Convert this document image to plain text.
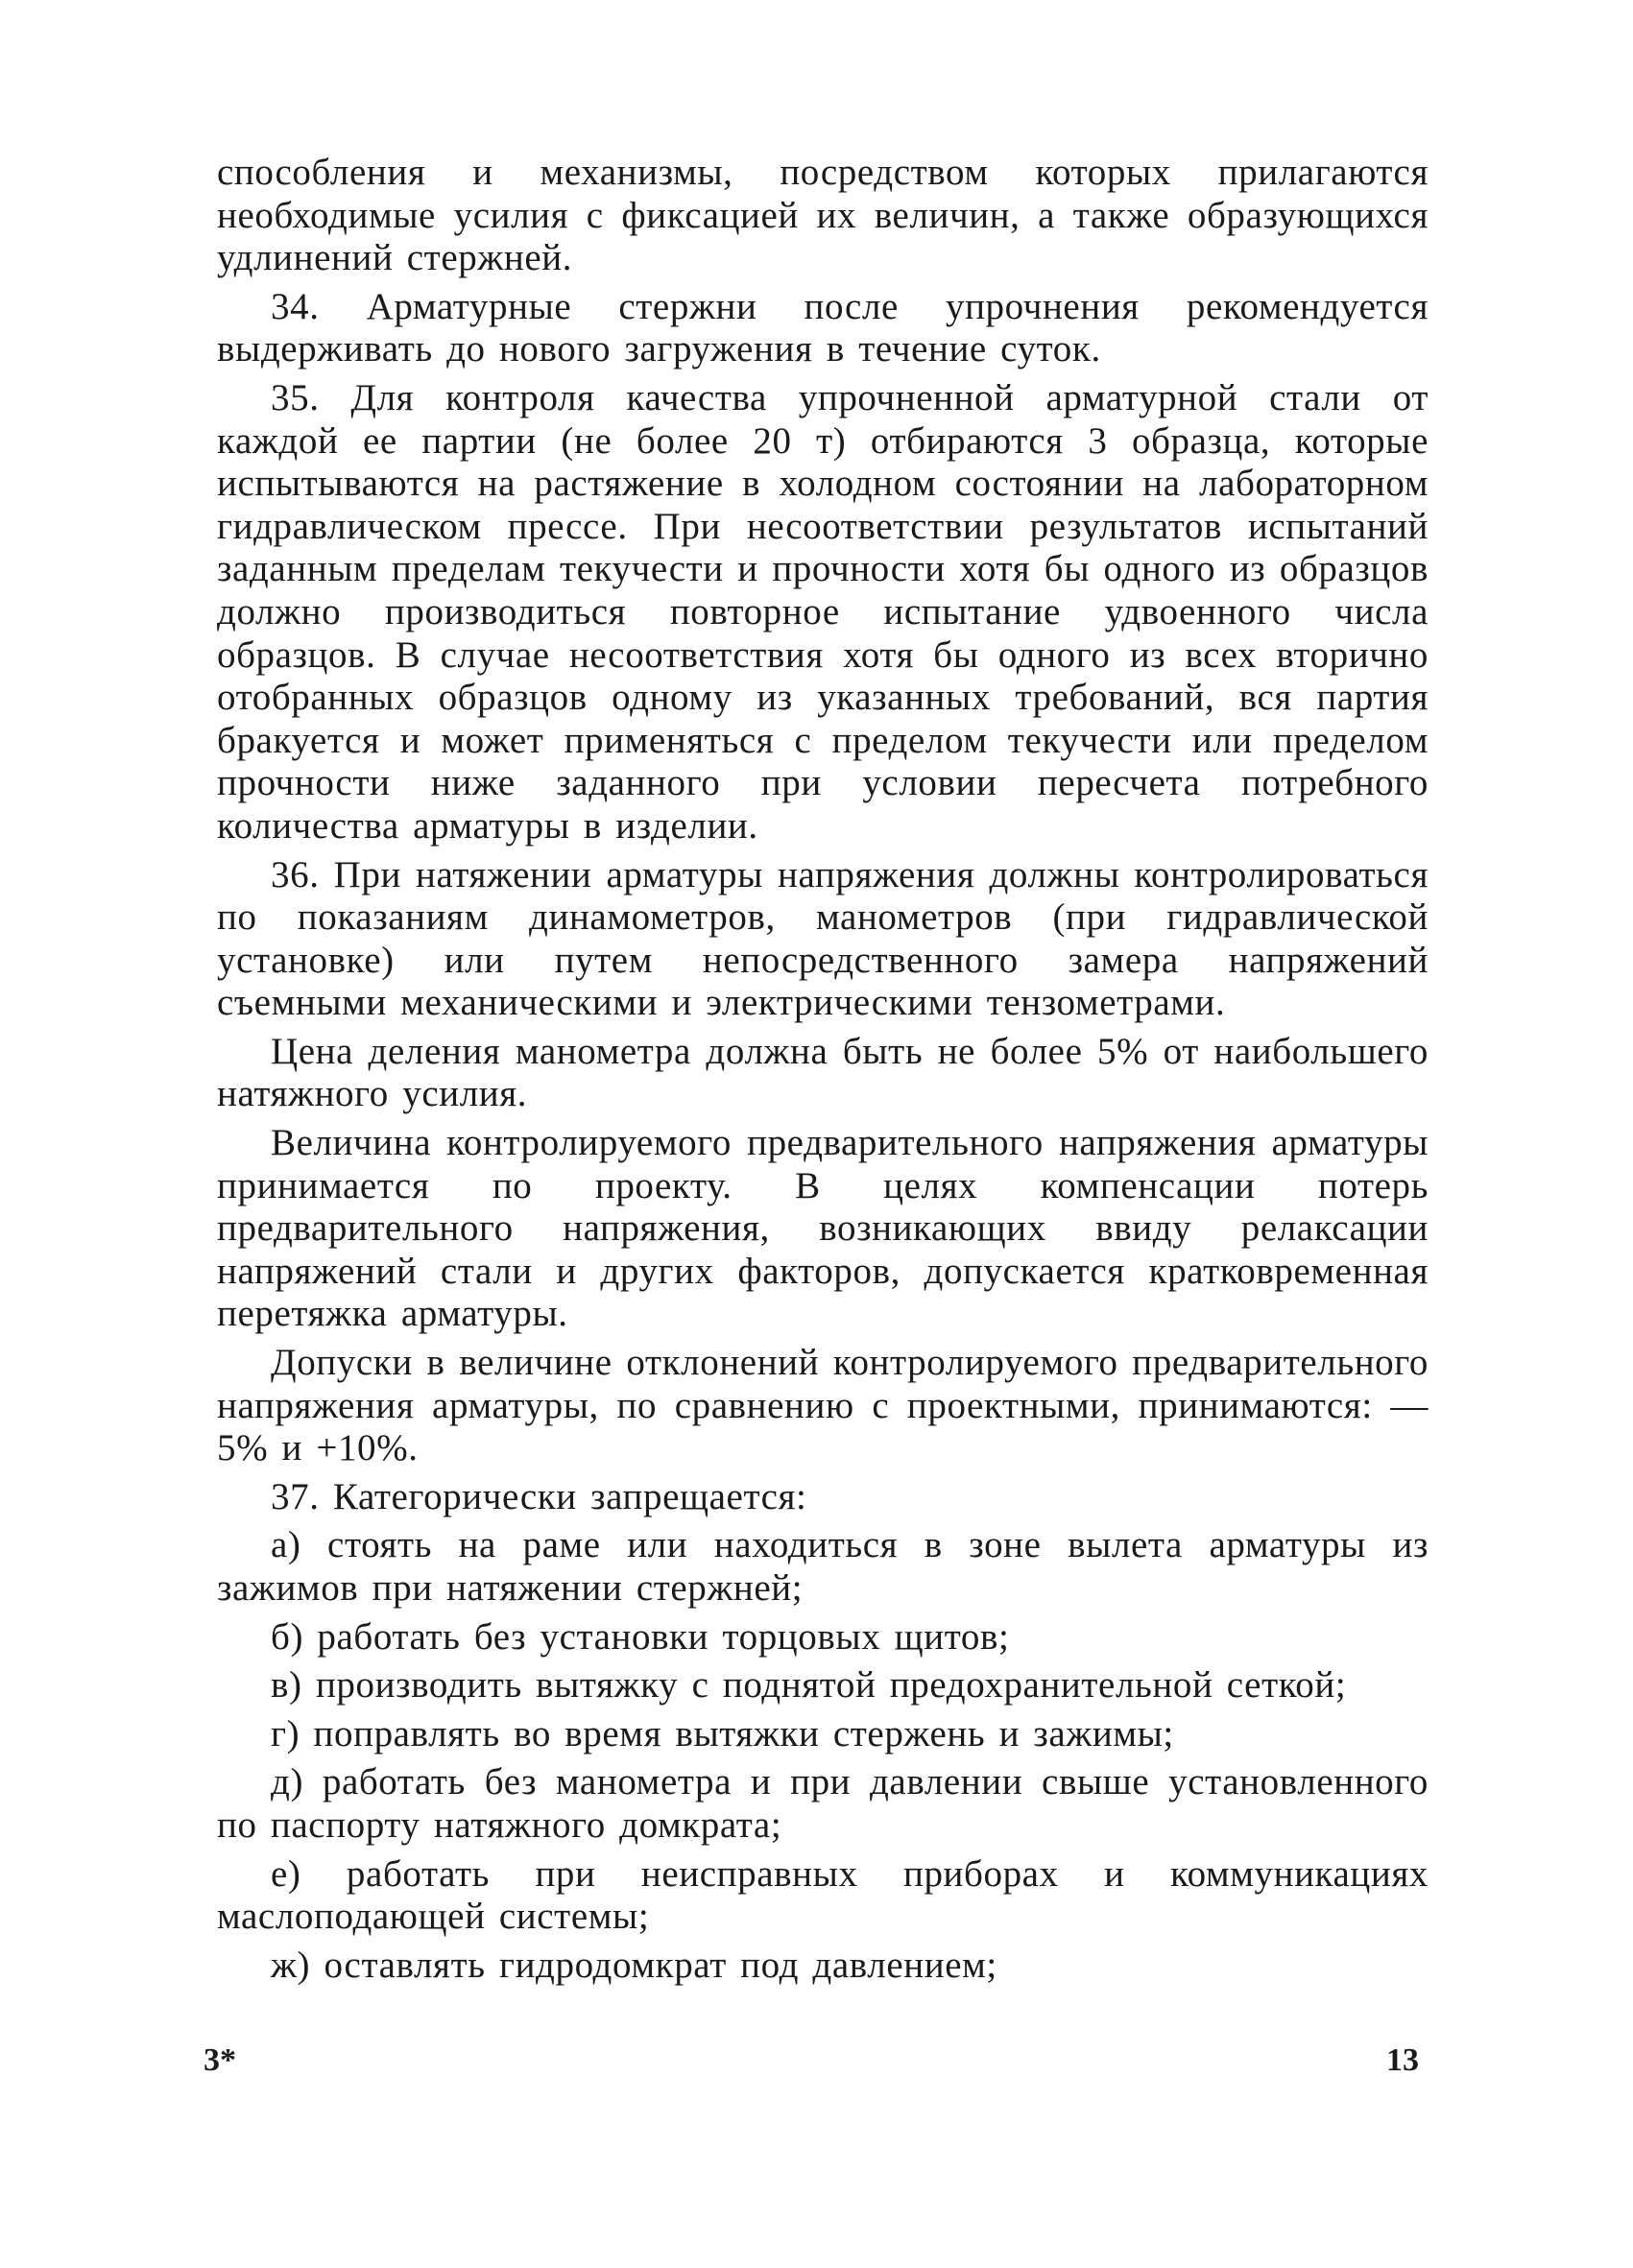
способления и механизмы, посредством которых прилагаются необходимые усилия с фиксацией их величин, а также образующихся удлинений стержней.

34. Арматурные стержни после упрочнения рекомендуется выдерживать до нового загружения в течение суток.

35. Для контроля качества упрочненной арматурной стали от каждой ее партии (не более 20 т) отбираются 3 образца, которые испытываются на растяжение в холодном состоянии на лабораторном гидравлическом прессе. При несоответствии результатов испытаний заданным пределам текучести и прочности хотя бы одного из образцов должно производиться повторное испытание удвоенного числа образцов. В случае несоответствия хотя бы одного из всех вторично отобранных образцов одному из указанных требований, вся партия бракуется и может применяться с пределом текучести или пределом прочности ниже заданного при условии пересчета потребного количества арматуры в изделии.

36. При натяжении арматуры напряжения должны контролироваться по показаниям динамометров, манометров (при гидравлической установке) или путем непосредственного замера напряжений съемными механическими и электрическими тензометрами.

Цена деления манометра должна быть не более 5% от наибольшего натяжного усилия.

Величина контролируемого предварительного напряжения арматуры принимается по проекту. В целях компенсации потерь предварительного напряжения, возникающих ввиду релаксации напряжений стали и других факторов, допускается кратковременная перетяжка арматуры.

Допуски в величине отклонений контролируемого предварительного напряжения арматуры, по сравнению с проектными, принимаются: —5% и +10%.

37. Категорически запрещается:

а) стоять на раме или находиться в зоне вылета арматуры из зажимов при натяжении стержней;

б) работать без установки торцовых щитов;

в) производить вытяжку с поднятой предохранительной сеткой;

г) поправлять во время вытяжки стержень и зажимы;

д) работать без манометра и при давлении свыше установленного по паспорту натяжного домкрата;

е) работать при неисправных приборах и коммуникациях маслоподающей системы;

ж) оставлять гидродомкрат под давлением;

3*	13
